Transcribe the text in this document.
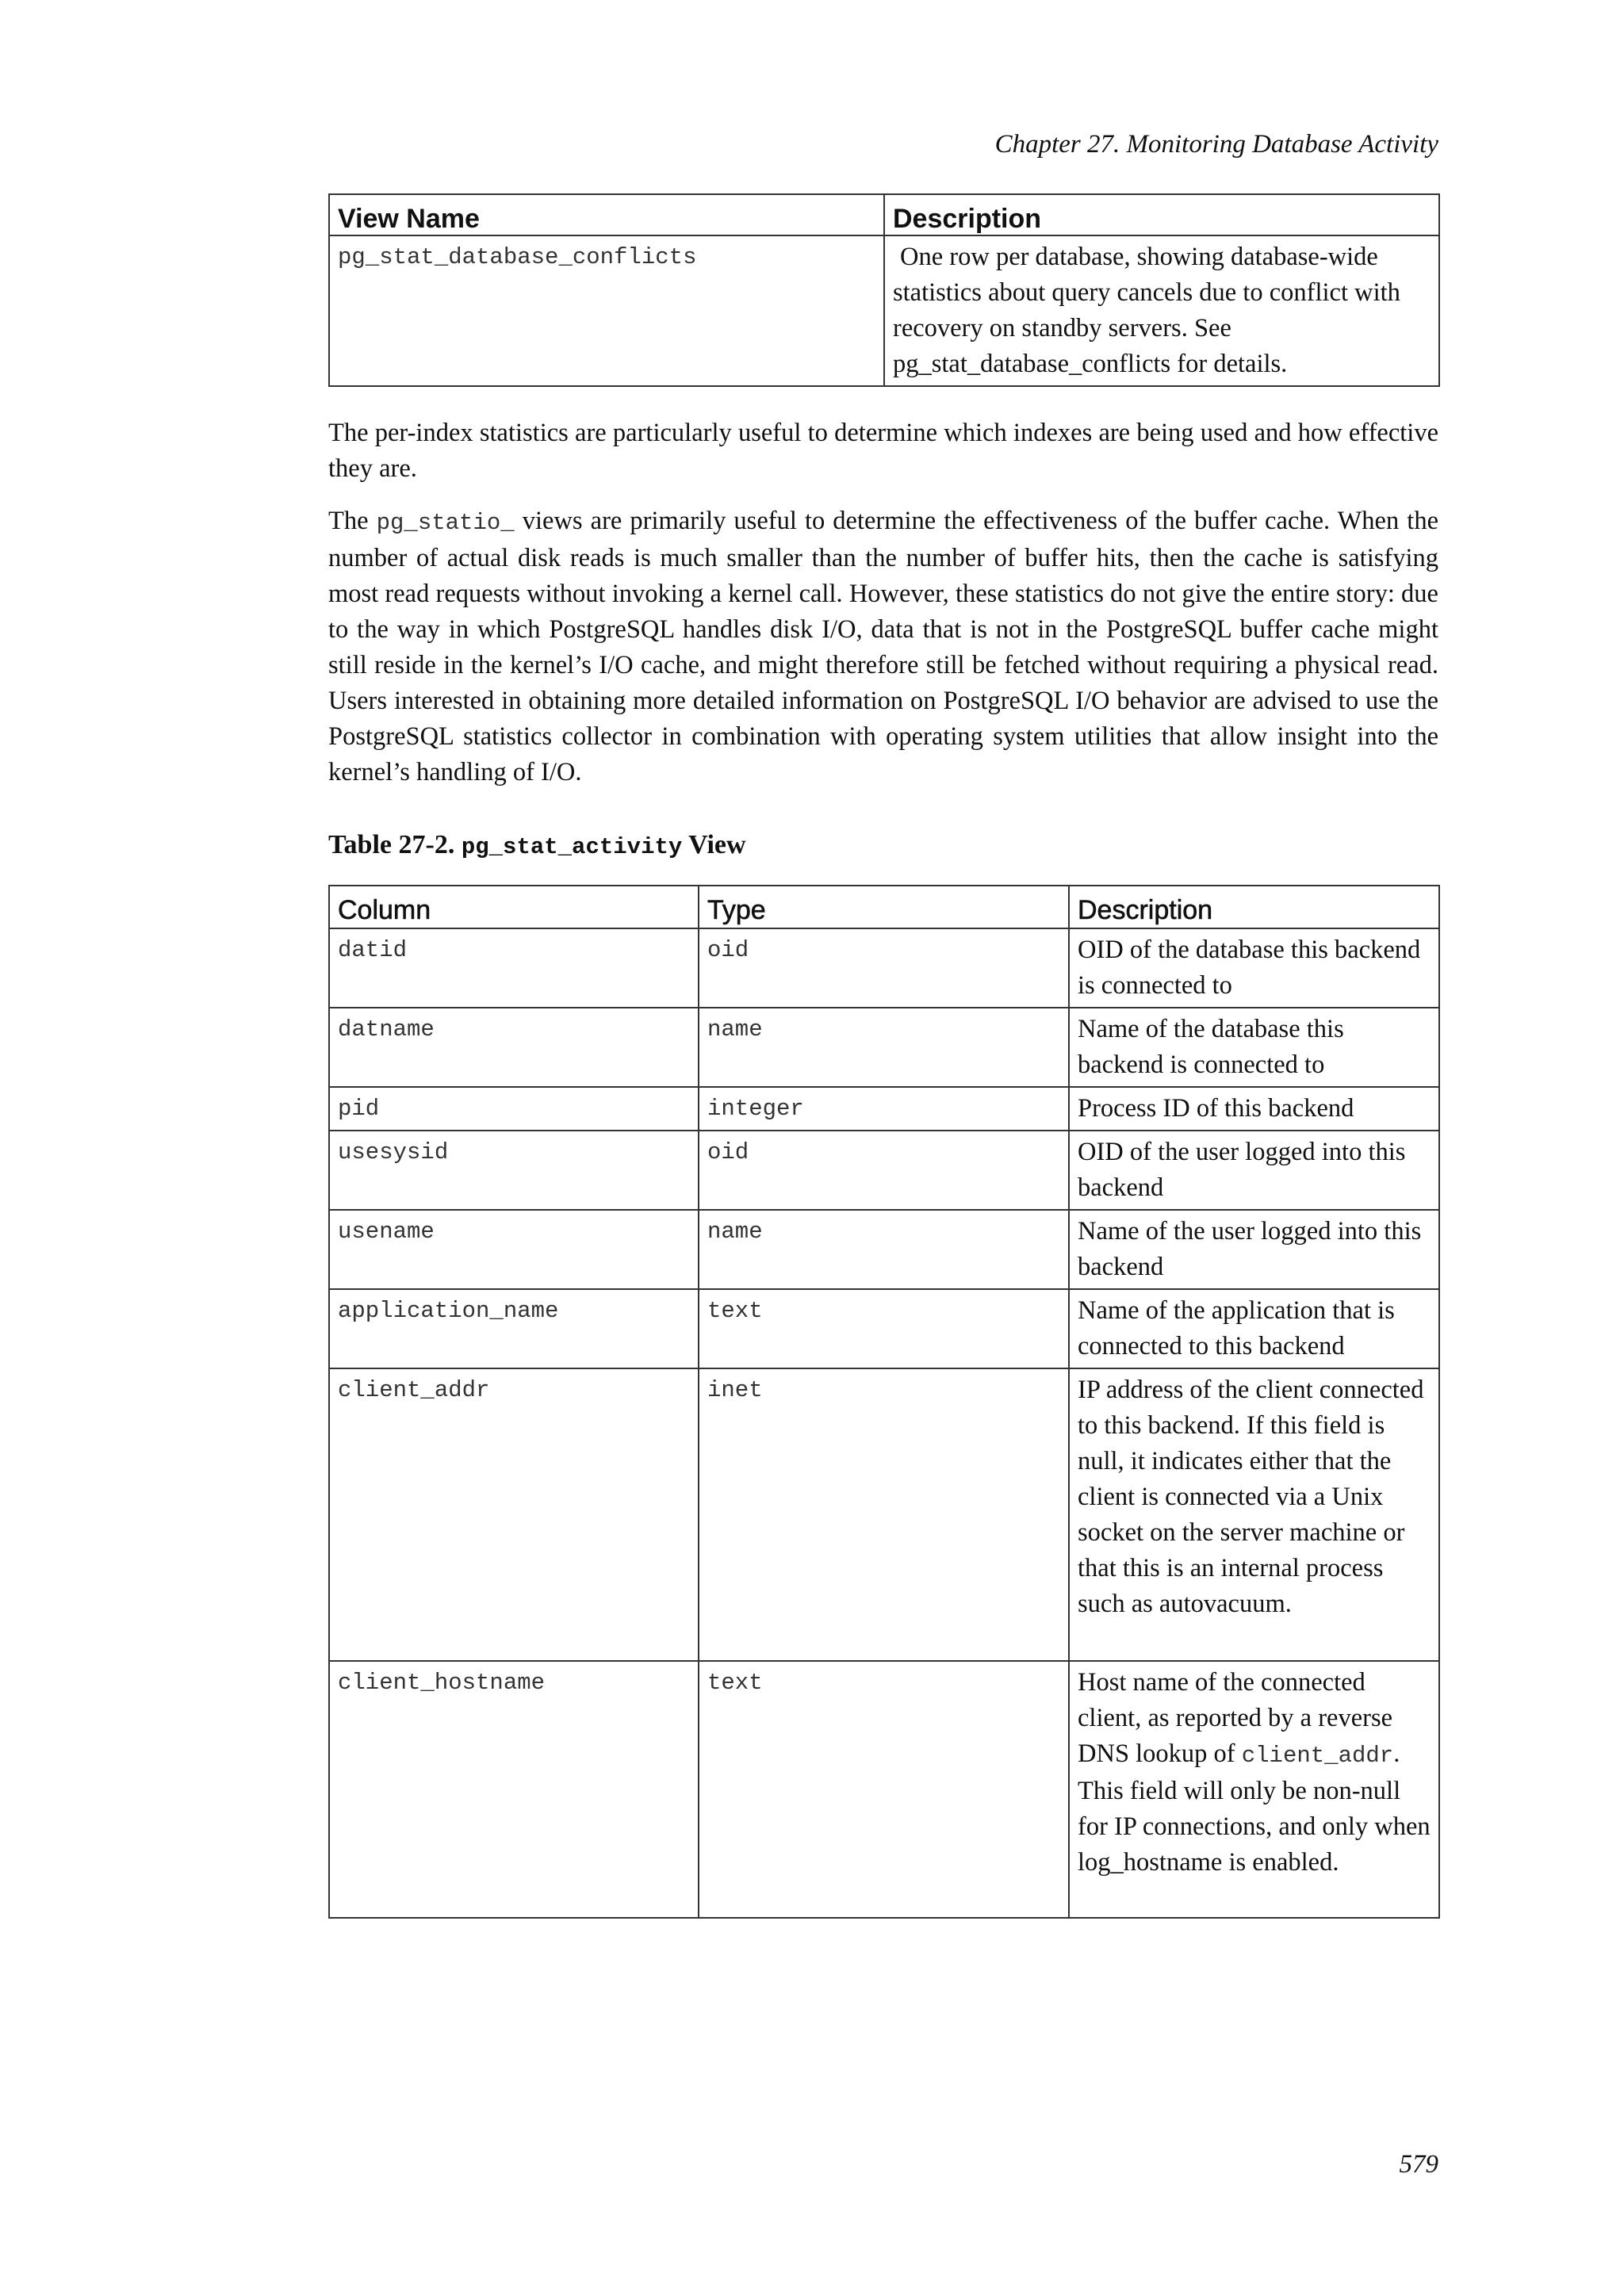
Chapter 27. Monitoring Database Activity
View Name	Description
pg_stat_database_conflicts	One row per database, showing database-wide statistics about query cancels due to conflict with recovery on standby servers. See pg_stat_database_conflicts for details.

The per-index statistics are particularly useful to determine which indexes are being used and how effective they are.

The pg_statio_ views are primarily useful to determine the effectiveness of the buffer cache. When the number of actual disk reads is much smaller than the number of buffer hits, then the cache is satisfying most read requests without invoking a kernel call. However, these statistics do not give the entire story: due to the way in which PostgreSQL handles disk I/O, data that is not in the PostgreSQL buffer cache might still reside in the kernel’s I/O cache, and might therefore still be fetched without requiring a physical read. Users interested in obtaining more detailed information on PostgreSQL I/O behavior are advised to use the PostgreSQL statistics collector in combination with operating system utilities that allow insight into the kernel’s handling of I/O.

Table 27-2. pg_stat_activity View
Column	Type	Description
datid	oid	OID of the database this backend is connected to
datname	name	Name of the database this backend is connected to
pid	integer	Process ID of this backend
usesysid	oid	OID of the user logged into this backend
usename	name	Name of the user logged into this backend
application_name	text	Name of the application that is connected to this backend
client_addr	inet	IP address of the client connected to this backend. If this field is null, it indicates either that the client is connected via a Unix socket on the server machine or that this is an internal process such as autovacuum.
client_hostname	text	Host name of the connected client, as reported by a reverse DNS lookup of client_addr. This field will only be non-null for IP connections, and only when log_hostname is enabled.
579
